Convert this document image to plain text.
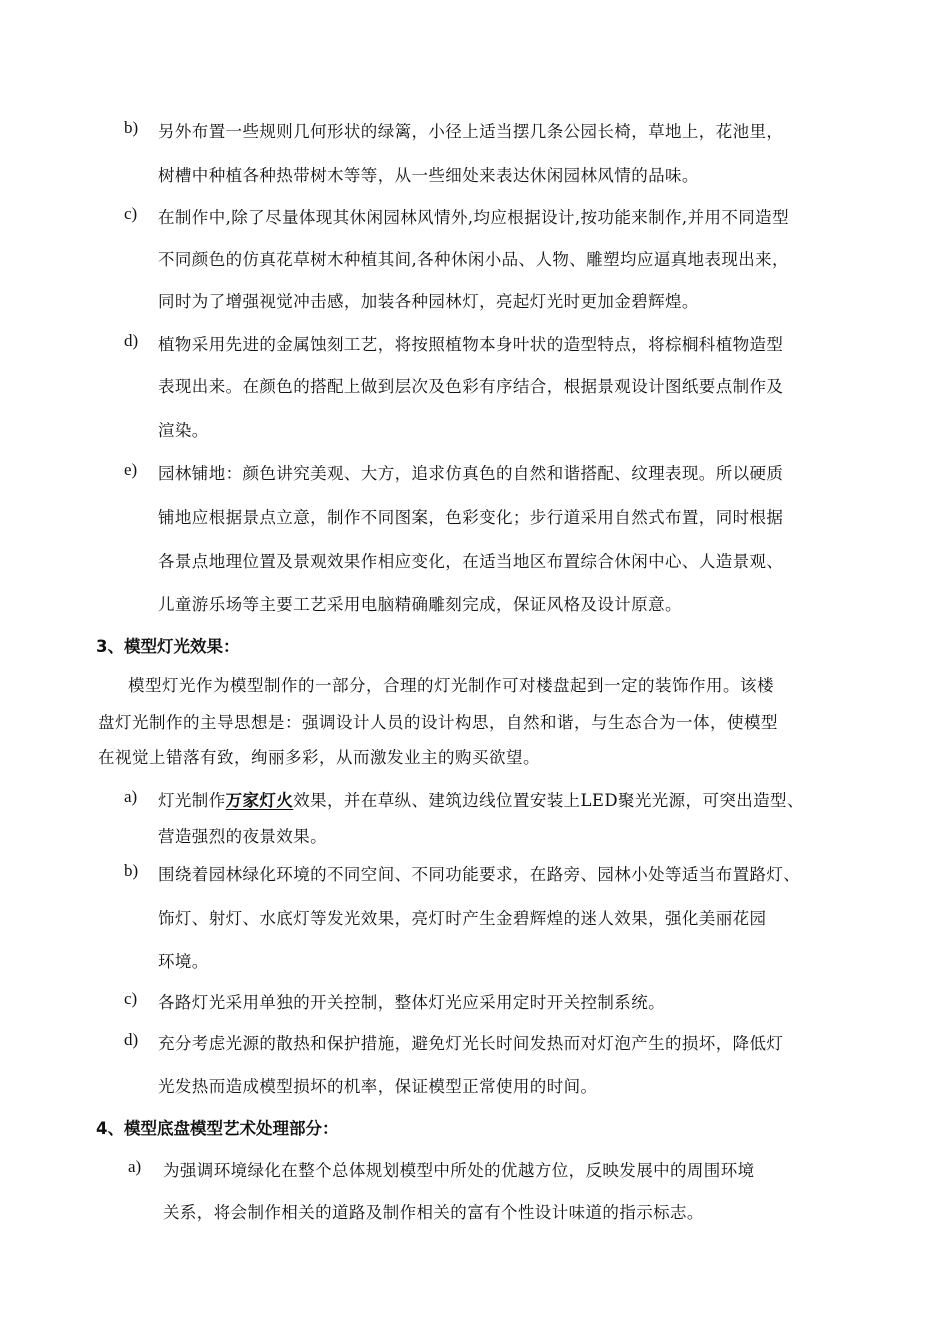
b) 另外布置一些规则几何形状的绿篱，小径上适当摆几条公园长椅，草地上，花池里，
树槽中种植各种热带树木等等，从一些细处来表达休闲园林风情的品味。
c) 在制作中,除了尽量体现其休闲园林风情外,均应根据设计,按功能来制作,并用不同造型
不同颜色的仿真花草树木种植其间,各种休闲小品、人物、雕塑均应逼真地表现出来，
同时为了增强视觉冲击感，加装各种园林灯，亮起灯光时更加金碧辉煌。
d) 植物采用先进的金属蚀刻工艺，将按照植物本身叶状的造型特点，将棕榈科植物造型
表现出来。在颜色的搭配上做到层次及色彩有序结合，根据景观设计图纸要点制作及
渲染。
e) 园林铺地：颜色讲究美观、大方，追求仿真色的自然和谐搭配、纹理表现。所以硬质
铺地应根据景点立意，制作不同图案，色彩变化；步行道采用自然式布置，同时根据
各景点地理位置及景观效果作相应变化，在适当地区布置综合休闲中心、人造景观、
儿童游乐场等主要工艺采用电脑精确雕刻完成，保证风格及设计原意。
3、模型灯光效果：
模型灯光作为模型制作的一部分，合理的灯光制作可对楼盘起到一定的装饰作用。该楼
盘灯光制作的主导思想是：强调设计人员的设计构思，自然和谐，与生态合为一体，使模型
在视觉上错落有致，绚丽多彩，从而激发业主的购买欲望。
a) 灯光制作万家灯火效果，并在草纵、建筑边线位置安装上LED聚光光源，可突出造型、
营造强烈的夜景效果。
b) 围绕着园林绿化环境的不同空间、不同功能要求，在路旁、园林小处等适当布置路灯、
饰灯、射灯、水底灯等发光效果，亮灯时产生金碧辉煌的迷人效果，强化美丽花园
环境。
c) 各路灯光采用单独的开关控制，整体灯光应采用定时开关控制系统。
d) 充分考虑光源的散热和保护措施，避免灯光长时间发热而对灯泡产生的损坏，降低灯
光发热而造成模型损坏的机率，保证模型正常使用的时间。
4、模型底盘模型艺术处理部分：
a) 为强调环境绿化在整个总体规划模型中所处的优越方位，反映发展中的周围环境
关系，将会制作相关的道路及制作相关的富有个性设计味道的指示标志。
